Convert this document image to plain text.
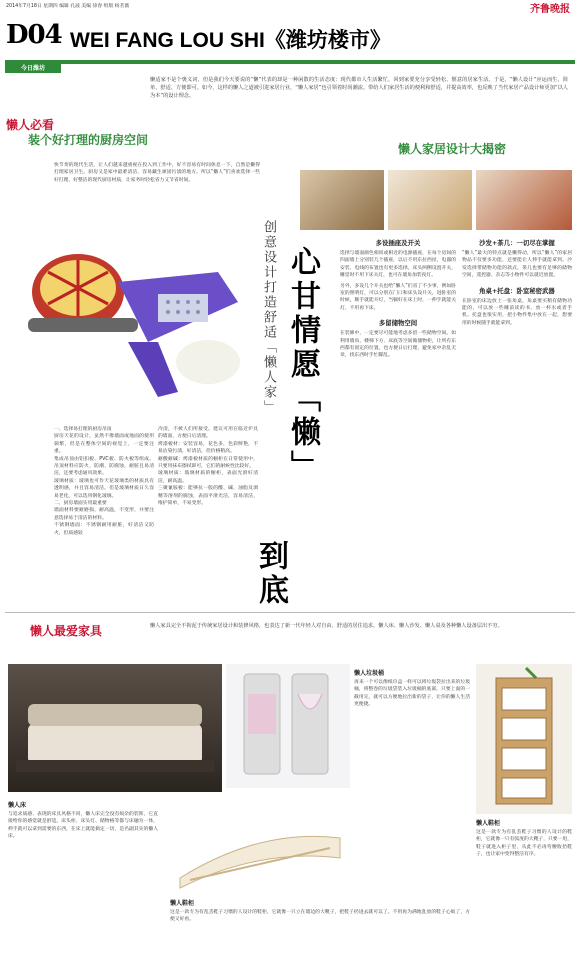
2014年7月18日 星期四 编辑 孔波 美编 徐春 组版 杨茗薇	齐鲁晚报
D04 WEI FANG LOU SHI《潍坊楼市》
今日潍坊
懒适家不是个褒义词，但是我们今天要说的“懒”代表的却是一种闲散的生活态度：现代都市人生活繁忙，回到家要充分享受轻松、惬意的居家生活。于是，“懒人设计”应运而生，简单、舒适、方便即可。如今，这样的懒人之道被引进家居行业，“懒人家居”也引领着时尚潮流。带给人们家居生活的便利和舒适，并提高效率，也反映了当代家居产品设计师更加“以人为本”的设计理念。
懒人必看
装个好打理的厨房空间
懒人家居设计大揭密
快节奏的现代生活，让人们越来越重视在投入到工作中，好不容易有时间休息一下，自然是懒得打理家居卫生。厨房又是家中最难清洁、容易藏生顽固污渍的地方。所以“懒人”们喜欢选择一些好打理、好整洁的现代厨房材质，让家务时轻松省力又节省时间。
一、选择易打理的厨房吊顶
厨房天花的设计，虽然不像墙面或地面的使用频繁，但是在整体空间的视觉上，一定要注重。
集成吊顶由铝扣板、PVC板、防火板等组成。吊顶材料应防火、防潮、防腐蚀，耐脏且易清洁，还要考虑通风效果。
玻璃材质：玻璃也可作天花玻璃类的材质具有透明感，并且容易清洁。但是玻璃材质日久容易老化，可以选用钢化玻璃。
二、厨房墙面实用最重要
墙面材料要耐磨损、耐高温，不变形，并要注意选择易于清洁的材料。
不锈钢墙面：不锈钢耐用耐脏，好清洁又防火，但质感较
冷清，不被人们所接受。建议可用在临近炉具的墙面，方便日后清理。
烤漆板材：安装容易，花色多，色彩鲜艳，不易沾染污渍，好清洁，但价格稍高。
耐酸耐碱：烤漆板材质的橱柜在日常使用中，只要用抹布擦拭即可，它们的耐候性比较好。
玻璃材质：玻璃材质的橱柜，表面光滑好清洁，耐高温。
三聚氰胺板：能够抗一般的酸、碱、油脂及酒精等溶剂的腐蚀，表面平滑光洁，容易清洁，维护简单，不易变形。
创意设计打造舒适「懒人家」 心甘情愿「懒」
到底
多设插座及开关
选择与墙面颜色相同或相近的电源插座，在每个房间的四面墙上分别装几个插座，以后不用东拉西扯，电器的安装、电线的布置也有更多选择。床头两侧设置开关，睡觉时不用下床关灯，也可在墙角加装夜灯。
另外，多设几个开关也给“懒人”们省了不少事，例如卧室的照明灯，可以分别在门口和床头设开关，进卧室的时候，顺手就能开灯，当躺好在床上时，一伸手就能关灯，不用再下床。
多留储物空间
在装修中，一定要尽可能地考虑多留一些储物空间。如利用墙角、楼梯下方、床底等空间做储物柜，让所有东西都有固定的位置，也方便日后打理，避免家中杂乱无章，找东西时手忙脚乱。
沙发+茶几：一切尽在掌握
“懒人”最大的特点就是懒得动，所以“懒人”的家居物品不仅要多功能，还要能让人伸手就能拿到。沙发选择带储物功能的款式，茶几也要有足够的储物空间，遥控器、杂志等小物件可以就近放置。
角桌+托盘：卧室秘密武器
在卧室的床边放上一张角桌，角桌要买稍有储物功能的，可以放一些睡前读的书，放一杯水或者手机。托盘也很实用，把小物件集中放在一起，想要用的时候随手就能拿到。
懒人最爱家具	懒人家具完全不拘泥于传统家居设计和装修风格，也表达了新一代年轻人对自由、舒适的居住追求。懒人床、懒人沙发、懒人桌及各种懒人设备层出不穷。
懒人垃圾桶
再来一个可以像纸巾盒一样可以将垃圾袋拉出来的垃圾桶，将整卷的垃圾袋装入垃圾桶的底部，只要上面的一截用完，就可以方便地拉出新的袋子，让你的懒人生活更便捷。
懒人床
与追求质感、表现的床具风格不同，懒人床完全没有烦杂的装饰，它直接给你的感觉就是舒适。床头柜、床头灯、储物格等都与床融为一体，伸手就可以拿到需要的东西，在床上就能搞定一切，是名副其实的懒人床。
懒人鞋柜
这是一款专为有乱丢鞋子习惯的人设计的鞋柜，它就像一只立在墙边的大靴子，把鞋子扔进去就可以了。不用再为满地乱放的鞋子心烦了，方便又好看。
懒人鞋柜
这是一款专为有乱丢鞋子习惯的人设计的鞋柜，它就像一只有弧度的大靴子，只要一甩，鞋子就进入柜子里，从此不必再弯腰收拾鞋子，也让家中变得整洁有序。
